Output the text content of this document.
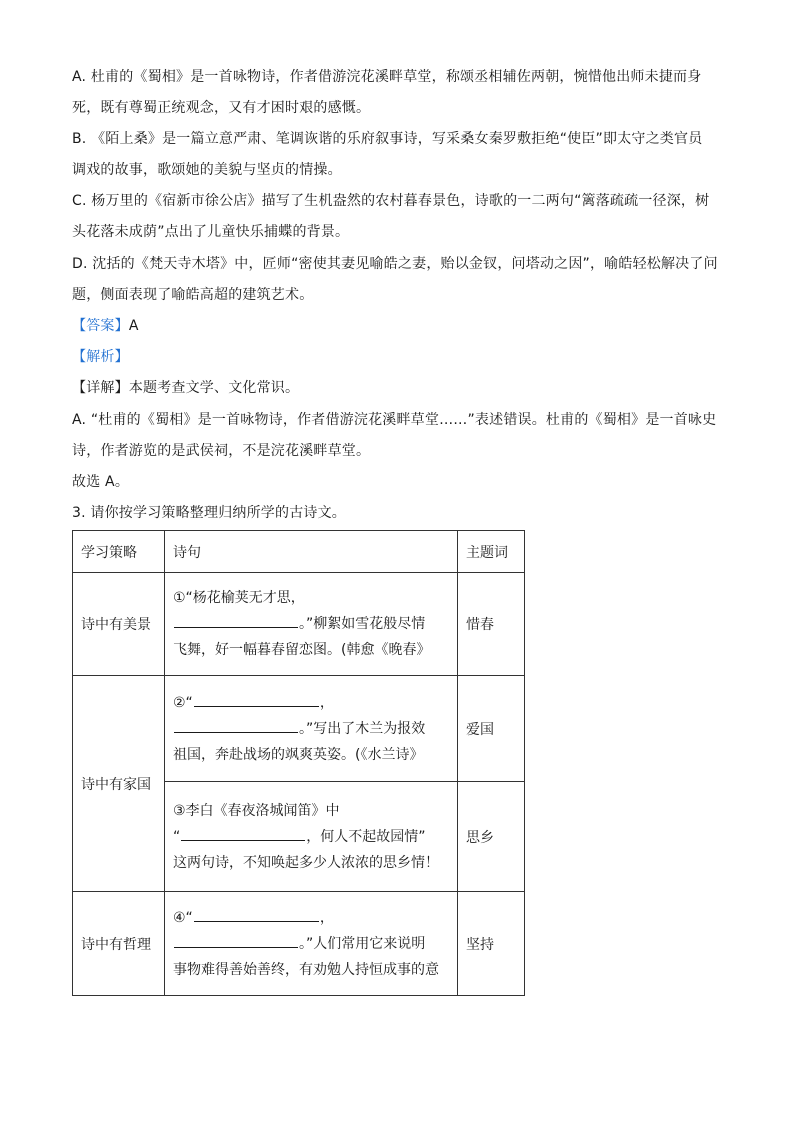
A. 杜甫的《蜀相》是一首咏物诗，作者借游浣花溪畔草堂，称颂丞相辅佐两朝，惋惜他出师未捷而身
死，既有尊蜀正统观念，又有才困时艰的感慨。
B. 《陌上桑》是一篇立意严肃、笔调诙谐的乐府叙事诗，写采桑女秦罗敷拒绝“使臣”即太守之类官员
调戏的故事，歌颂她的美貌与坚贞的情操。
C. 杨万里的《宿新市徐公店》描写了生机盎然的农村暮春景色，诗歌的一二两句“篱落疏疏一径深，树
头花落未成荫”点出了儿童快乐捕蝶的背景。
D. 沈括的《梵天寺木塔》中，匠师“密使其妻见喻皓之妻，贻以金钗，问塔动之因”，喻皓轻松解决了问
题，侧面表现了喻皓高超的建筑艺术。
【答案】A
【解析】
【详解】本题考查文学、文化常识。
A. “杜甫的《蜀相》是一首咏物诗，作者借游浣花溪畔草堂……”表述错误。杜甫的《蜀相》是一首咏史
诗，作者游览的是武侯祠，不是浣花溪畔草堂。
故选 A。
3. 请你按学习策略整理归纳所学的古诗文。
学习策略	诗句	主题词
诗中有美景	①“杨花榆荚无才思，
。”柳絮如雪花般尽情
飞舞，好一幅暮春留恋图。(韩愈《晚春》	惜春
诗中有家国	②“ ，
。”写出了木兰为报效
祖国，奔赴战场的飒爽英姿。(《水兰诗》	爱国

	③李白《春夜洛城闻笛》中
“ ，何人不起故园情”
这两句诗，不知唤起多少人浓浓的思乡情！	思乡
诗中有哲理	④“ ，
。”人们常用它来说明
事物难得善始善终，有劝勉人持恒成事的意	坚持
